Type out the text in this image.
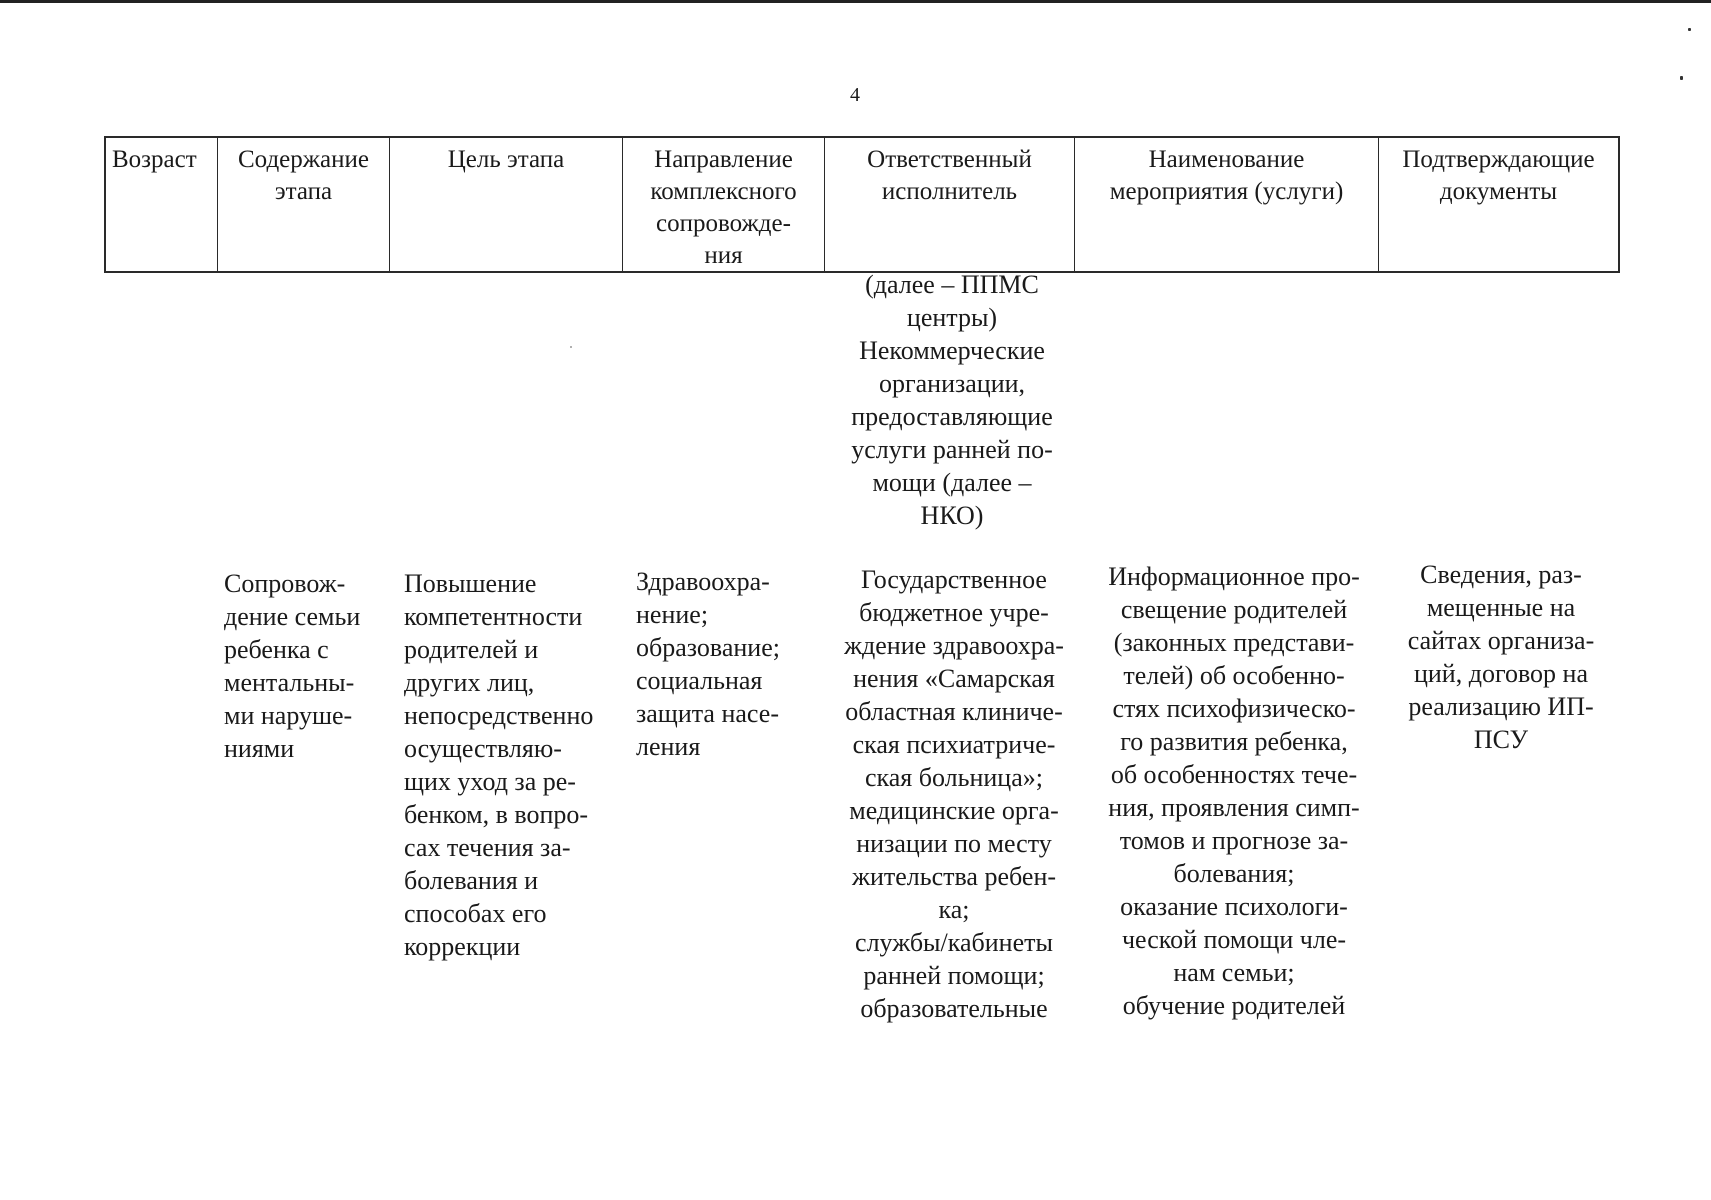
4
Возраст	Содержание
этапа
Цель этапа	Направление
комплексного
сопровожде-
ния
Ответственный
исполнитель
Наименование
мероприятия (услуги)
Подтверждающие
документы
(далее – ППМС
центры)
Некоммерческие
организации,
предоставляющие
услуги ранней по-
мощи (далее –
НКО)
Сопровож-
дение семьи
ребенка с
ментальны-
ми наруше-
ниями
Повышение
компетентности
родителей и
других лиц,
непосредственно
осуществляю-
щих уход за ре-
бенком, в вопро-
сах течения за-
болевания и
способах его
коррекции
Здравоохра-
нение;
образование;
социальная
защита насе-
ления
Государственное
бюджетное учре-
ждение здравоохра-
нения «Самарская
областная клиниче-
ская психиатриче-
ская больница»;
медицинские орга-
низации по месту
жительства ребен-
ка;
службы/кабинеты
ранней помощи;
образовательные
Информационное про-
свещение родителей
(законных представи-
телей) об особенно-
стях психофизическо-
го развития ребенка,
об особенностях тече-
ния, проявления симп-
томов и прогнозе за-
болевания;
оказание психологи-
ческой помощи чле-
нам семьи;
обучение родителей
Сведения, раз-
мещенные на
сайтах организа-
ций, договор на
реализацию ИП-
ПСУ
